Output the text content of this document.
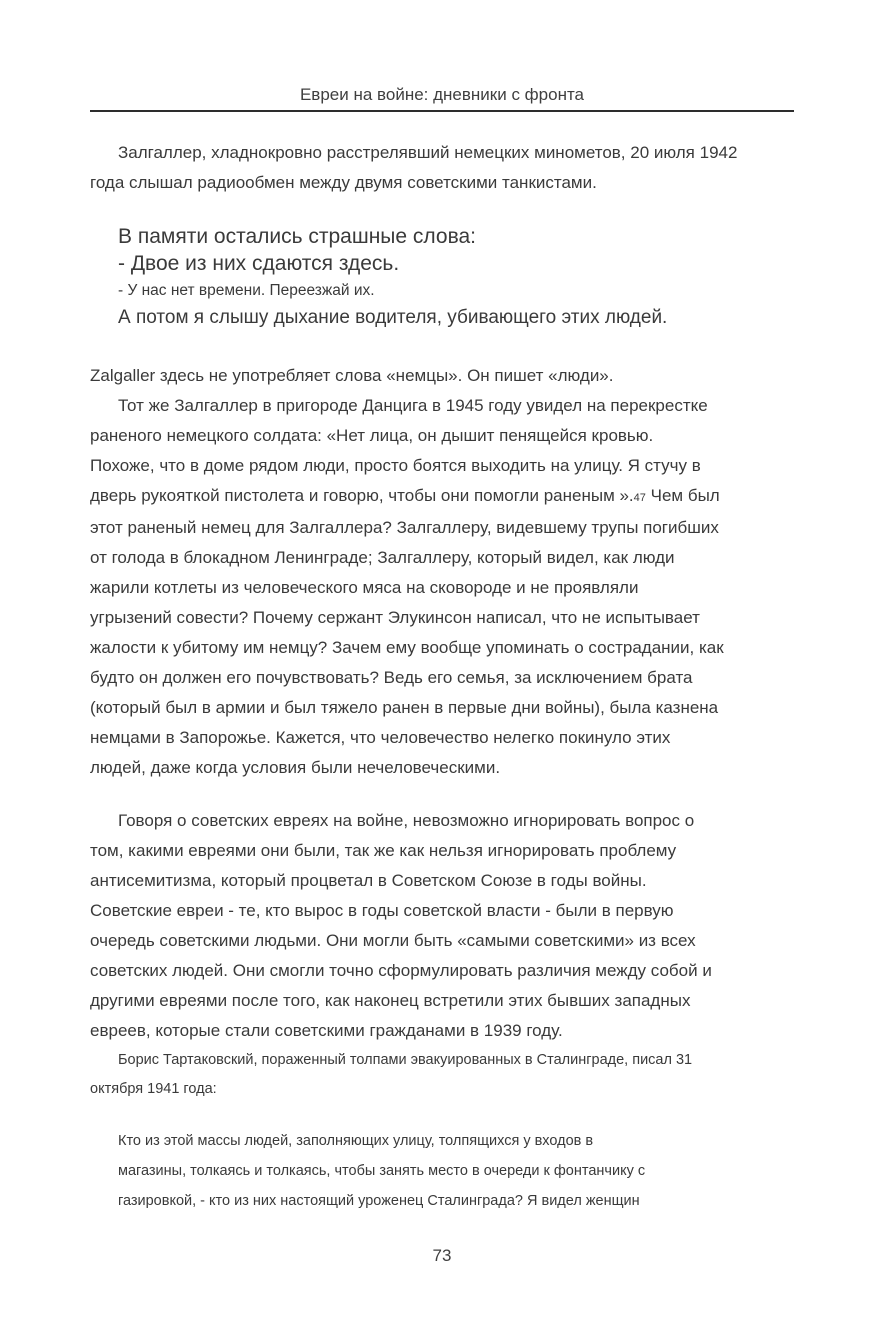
Евреи на войне: дневники с фронта
Залгаллер, хладнокровно расстрелявший немецких минометов, 20 июля 1942
года слышал радиообмен между двумя советскими танкистами.
В памяти остались страшные слова:
- Двое из них сдаются здесь.
- У нас нет времени. Переезжай их.
А потом я слышу дыхание водителя, убивающего этих людей.
Zalgaller здесь не употребляет слова «немцы». Он пишет «люди».
Тот же Залгаллер в пригороде Данцига в 1945 году увидел на перекрестке
раненого немецкого солдата: «Нет лица, он дышит пенящейся кровью.
Похоже, что в доме рядом люди, просто боятся выходить на улицу. Я стучу в
дверь рукояткой пистолета и говорю, чтобы они помогли раненым ».47 Чем был
этот раненый немец для Залгаллера? Залгаллеру, видевшему трупы погибших
от голода в блокадном Ленинграде; Залгаллеру, который видел, как люди
жарили котлеты из человеческого мяса на сковороде и не проявляли
угрызений совести? Почему сержант Элукинсон написал, что не испытывает
жалости к убитому им немцу? Зачем ему вообще упоминать о сострадании, как
будто он должен его почувствовать? Ведь его семья, за исключением брата
(который был в армии и был тяжело ранен в первые дни войны), была казнена
немцами в Запорожье. Кажется, что человечество нелегко покинуло этих
людей, даже когда условия были нечеловеческими.
Говоря о советских евреях на войне, невозможно игнорировать вопрос о
том, какими евреями они были, так же как нельзя игнорировать проблему
антисемитизма, который процветал в Советском Союзе в годы войны.
Советские евреи - те, кто вырос в годы советской власти - были в первую
очередь советскими людьми. Они могли быть «самыми советскими» из всех
советских людей. Они смогли точно сформулировать различия между собой и
другими евреями после того, как наконец встретили этих бывших западных
евреев, которые стали советскими гражданами в 1939 году.
Борис Тартаковский, пораженный толпами эвакуированных в Сталинграде, писал 31
октября 1941 года:
Кто из этой массы людей, заполняющих улицу, толпящихся у входов в
магазины, толкаясь и толкаясь, чтобы занять место в очереди к фонтанчику с
газировкой, - кто из них настоящий уроженец Сталинграда? Я видел женщин
73
